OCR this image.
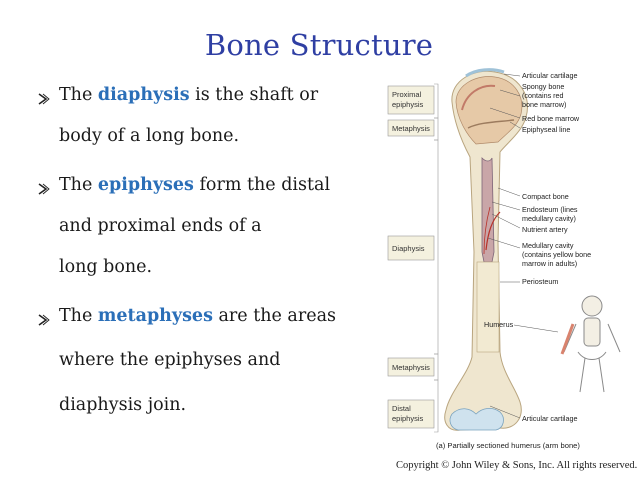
Bone Structure
The diaphysis is the shaft or
body of a long bone.
The epiphyses form the distal
and proximal ends of a
long bone.
The metaphyses are the areas
where the epiphyses and
diaphysis join.
Proximal
epiphysis
Metaphysis
Diaphysis
Metaphysis
Distal
epiphysis
Articular cartilage
Spongy bone
(contains red
bone marrow)
Red bone marrow
Epiphyseal line
Compact bone
Endosteum (lines
medullary cavity)
Nutrient artery
Medullary cavity
(contains yellow bone
marrow in adults)
Periosteum
Articular cartilage
Humerus
(a) Partially sectioned humerus (arm bone)
Copyright © John Wiley & Sons, Inc. All rights reserved.
